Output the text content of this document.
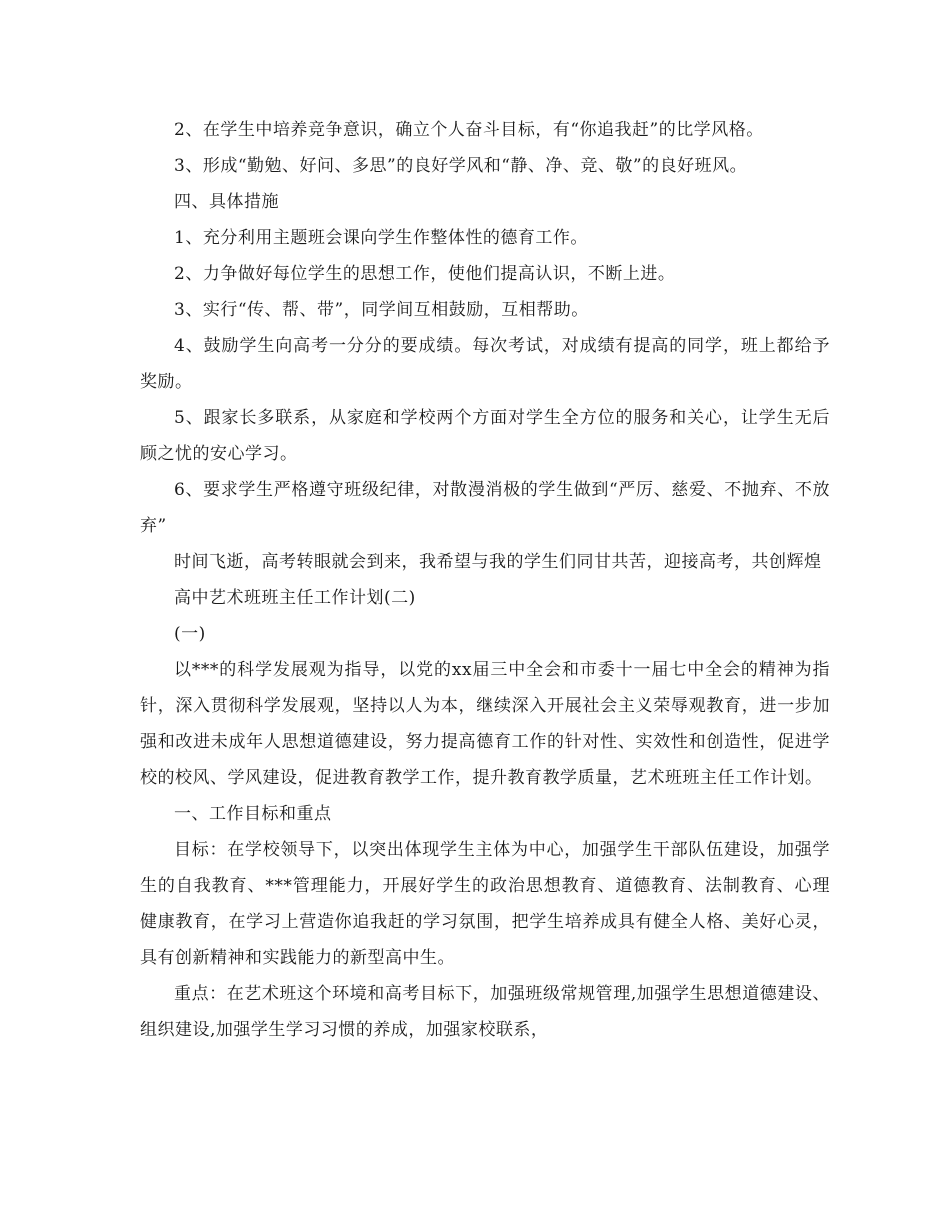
2、在学生中培养竞争意识，确立个人奋斗目标，有“你追我赶”的比学风格。

3、形成“勤勉、好问、多思”的良好学风和“静、净、竞、敬”的良好班风。

四、具体措施

1、充分利用主题班会课向学生作整体性的德育工作。

2、力争做好每位学生的思想工作，使他们提高认识，不断上进。

3、实行“传、帮、带”，同学间互相鼓励，互相帮助。

4、鼓励学生向高考一分分的要成绩。每次考试，对成绩有提高的同学，班上都给予奖励。

5、跟家长多联系，从家庭和学校两个方面对学生全方位的服务和关心，让学生无后顾之忧的安心学习。

6、要求学生严格遵守班级纪律，对散漫消极的学生做到“严厉、慈爱、不抛弃、不放弃”

时间飞逝，高考转眼就会到来，我希望与我的学生们同甘共苦，迎接高考，共创辉煌

高中艺术班班主任工作计划(二)

(一)

以***的科学发展观为指导，以党的xx届三中全会和市委十一届七中全会的精神为指针，深入贯彻科学发展观，坚持以人为本，继续深入开展社会主义荣辱观教育，进一步加强和改进未成年人思想道德建设，努力提高德育工作的针对性、实效性和创造性，促进学校的校风、学风建设，促进教育教学工作，提升教育教学质量，艺术班班主任工作计划。

一、工作目标和重点

目标：在学校领导下，以突出体现学生主体为中心，加强学生干部队伍建设，加强学生的自我教育、***管理能力，开展好学生的政治思想教育、道德教育、法制教育、心理健康教育，在学习上营造你追我赶的学习氛围，把学生培养成具有健全人格、美好心灵，具有创新精神和实践能力的新型高中生。

重点：在艺术班这个环境和高考目标下，加强班级常规管理,加强学生思想道德建设、组织建设,加强学生学习习惯的养成，加强家校联系，
